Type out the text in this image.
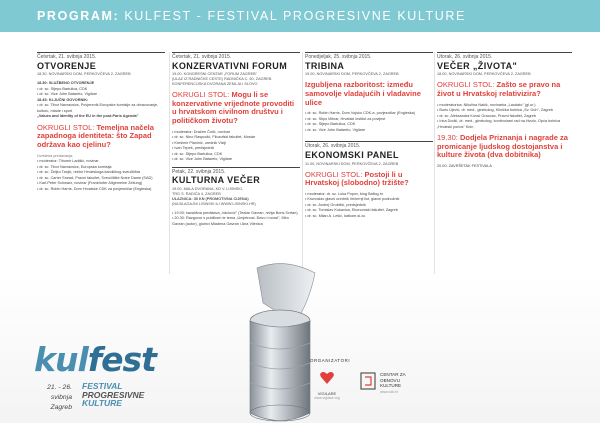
PROGRAM: KULFEST - FESTIVAL PROGRESIVNE KULTURE
Četvrtak, 21. svibnja 2015.
OTVORENJE
18.30, NOVINARSKI DOM, PERKOVČEVA 2, ZAGREB
18.30: SLUŽBENO OTVORENJE
• dr. sc. Stjepo Bartulica, CDK
• dr. sc. Vice John Batarelo, Vigilare
18.45: KLJUČNI GOVORNIK:
• dr. sc. Tibor Navracsics, Povjerenik Europske komisije za obrazovanje, kulturu, mlade i sport
„Values and Identity of the EU in the post-Paris Agenda"
OKRUGLI STOL: Temeljna načela zapadnoga identiteta: što Zapad održava kao cjelinu?
Uvrštena predavanja:
• moderator: Tihomir Ladišić, novinar
• dr. sc. Tibor Navracsics, Europska komisija
• dr. sc. Željko Tanjić, rektor Hrvatskoga katoličkog sveučilišta
• dr. sc. Carter Snead, Pravni fakultet, Sveučilište Notre Dame (SAD)
• Karl-Peter Schwarz, novinar (Frankfurter Allgemeine Zeitung)
• dr. sc. Robin Harris, Dom Hrvatske CDK za povjesničar (Engleska)
Četvrtak, 21. svibnja 2015.
KONZERVATIVNI FORUM
19.00, KONGRESNI CENTAR „FORUM ZAGREB"
(ULAZ IZ RADNIČKE CESTE) RADNIČKA C. 50, ZAGREB
KONFERENCIJSKA DVORANA ZEMLJA I SLOVO
OKRUGLI STOL: Mogu li se konzervativne vrijednote provoditi u hrvatskom civilnom društvu i političkom životu?
• moderator: Dražen Čulić, novinar
• dr. sc. Nino Raspudić, Filozofski fakultet, Mostar
• Krešimir Planinić, urednik Viziji
• Ivan Tepeš, predsjednik
• dr. sc. Stjepo Bartulica, CDK
• dr. sc. Vice John Batarelo, Vigilare
Petak, 22. svibnja 2015.
KULTURNA VEČER
19.00, MALA DVORANA, KD V. LISINSKI,
TRG S. RADIĆA 4, ZAGREB
ULAZNICA: 30 KN (PROMOTIVNA CIJENA)
(NA BLAGAJNI LISINSKI ILI WWW.LISINSKI.HR)
• 19.00: kazališna predstava „Vaclović" (Teatar Gavran, režija Boris Svrtan)
• 20.30: Razgovor s publikom te tema „Umjetnost. Đavo i moral", Miro Gavran (autor), glumci Mladena Gavran i Ana Vilenica
Ponedjeljak, 25. svibnja 2015.
TRIBINA
19.00, NOVINARSKI DOM, PERKOVČEVA 2, ZAGREB
Izgubljena razboritost: između samovolje vladajućih i vladavine ulice
• dr. sc. Robin Harris, Dom Vojsko CDK-a, povjesničar (Engleska)
• dr. sc. Stipo Mlinar, Hrvatski institut za povijest
• dr. sc. Stjepo Bartulica, CDK
• dr. sc. Vice John Batarelo, Vigilare
Utorak, 26. svibnja 2015.
EKONOMSKI PANEL
11.00, NOVINARSKI DOM, PERKOVČEVA 2, ZAGREB
OKRUGLI STOL: Postoji li u Hrvatskoj (slobodno) tržište?
• moderator: dr. sc. Luka Popov, blog Ballog.hr
• Krunoslav glavni urednik Večernji list, glavni podnožnik
• dr. sc. Andrej Grubišić, predsjednik
• dr. sc. Tomislav Kukavica, Ekonomski fakultet, Zagreb
• dr. sc. Milan A. Lešić, katkom.si.cu
Utorak, 26. svibnja 2015.
VEČER „ŽIVOTA"
18.00, NOVINARSKI DOM, PERKOVČEVA 2, ZAGREB
OKRUGLI STOL: Zašto se pravo na život u Hrvatskoj relativizira?
• moderatorica: Nikolina Nakić, novinarka „Laudato" (gl.ur.)
• Boris Ujević, dr. med., ginekolog, Klinička bolnica „Sv. Duh", Zagreb
• dr. sc. Aleksandra Korać Graovac, Pravni fakultet, Zagreb
• Irica Dodić, dr. med., ginekolog, kontinuirani rad na životu, Opća bolnica „Hrvatski ponos" Knin
19.30: Dodjela Priznanja i nagrade za promicanje ljudskog dostojanstva i kulture života (dva dobitnika)
20.00: ZAVRŠETAK FESTIVALA
kulfest
21. - 26. svibnja
Zagreb
FESTIVAL
PROGRESIVNE
KULTURE
ORGANIZATORI
VIGILARE
www.vigilare.org
CENTAR ZA
OBNOVU
KULTURE
www.cdk.hr
